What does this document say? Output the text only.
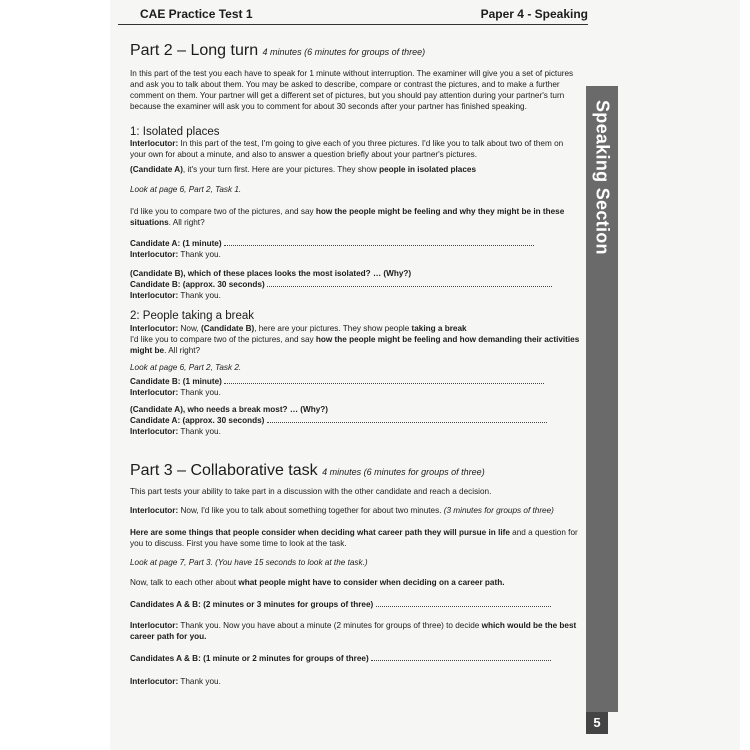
CAE Practice Test 1	Paper 4 - Speaking
Speaking Section
5
Part 2 – Long turn 4 minutes (6 minutes for groups of three)
In this part of the test you each have to speak for 1 minute without interruption. The examiner will give you a set of pictures and ask you to talk about them. You may be asked to describe, compare or contrast the pictures, and to make a further comment on them. Your partner will get a different set of pictures, but you should pay attention during your partner's turn because the examiner will ask you to comment for about 30 seconds after your partner has finished speaking.
1: Isolated places
Interlocutor: In this part of the test, I'm going to give each of you three pictures. I'd like you to talk about two of them on your own for about a minute, and also to answer a question briefly about your partner's pictures.
(Candidate A), it's your turn first. Here are your pictures. They show people in isolated places
Look at page 6, Part 2, Task 1.
I'd like you to compare two of the pictures, and say how the people might be feeling and why they might be in these situations. All right?
Candidate A: (1 minute)
Interlocutor: Thank you.
(Candidate B), which of these places looks the most isolated? … (Why?)
Candidate B: (approx. 30 seconds)
Interlocutor: Thank you.
2: People taking a break
Interlocutor: Now, (Candidate B), here are your pictures. They show people taking a break
I'd like you to compare two of the pictures, and say how the people might be feeling and how demanding their activities might be. All right?
Look at page 6, Part 2, Task 2.
Candidate B: (1 minute)
Interlocutor: Thank you.
(Candidate A), who needs a break most? … (Why?)
Candidate A: (approx. 30 seconds)
Interlocutor: Thank you.
Part 3 – Collaborative task 4 minutes (6 minutes for groups of three)
This part tests your ability to take part in a discussion with the other candidate and reach a decision.
Interlocutor: Now, I'd like you to talk about something together for about two minutes. (3 minutes for groups of three)
Here are some things that people consider when deciding what career path they will pursue in life and a question for you to discuss. First you have some time to look at the task.
Look at page 7, Part 3. (You have 15 seconds to look at the task.)
Now, talk to each other about what people might have to consider when deciding on a career path.
Candidates A & B: (2 minutes or 3 minutes for groups of three)
Interlocutor: Thank you. Now you have about a minute (2 minutes for groups of three) to decide which would be the best career path for you.
Candidates A & B: (1 minute or 2 minutes for groups of three)
Interlocutor: Thank you.
